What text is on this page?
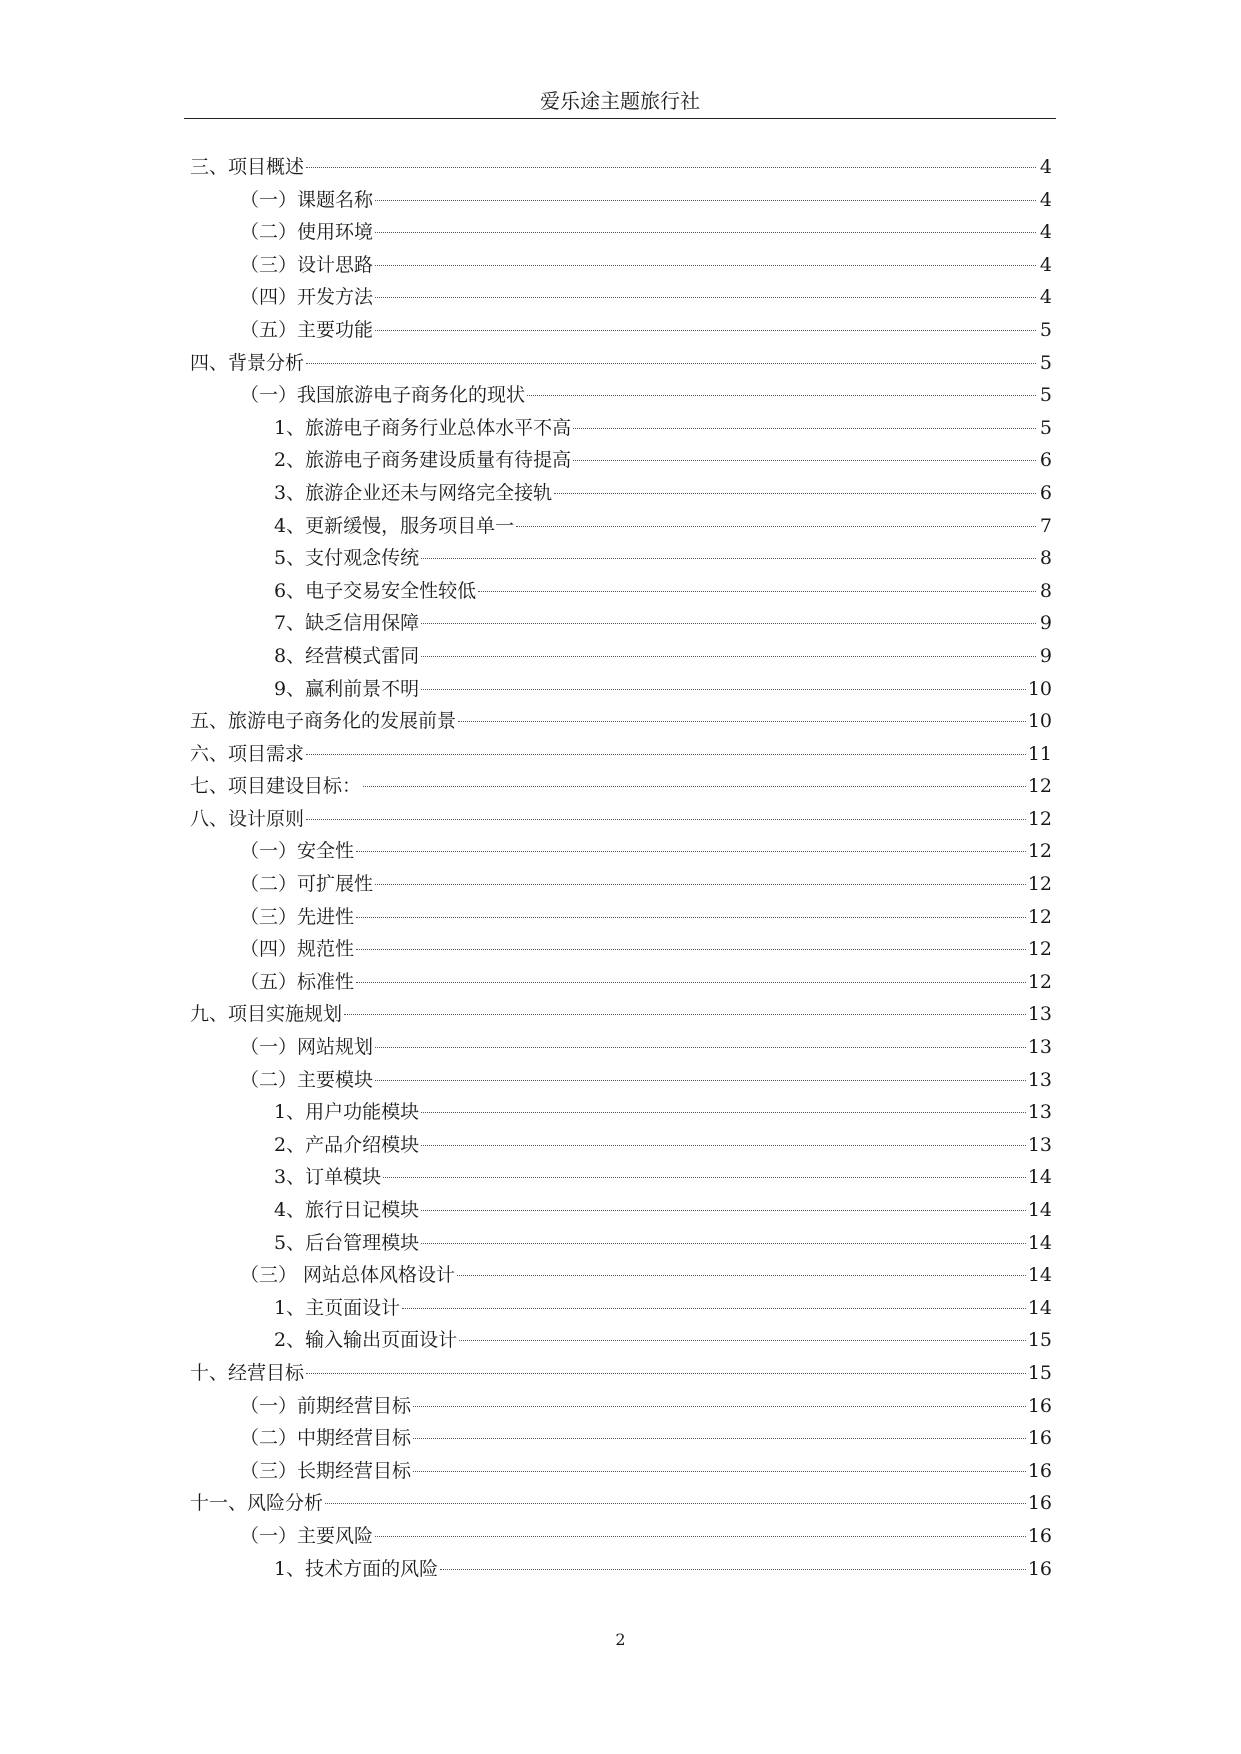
爱乐途主题旅行社
三、项目概述	4
（一）课题名称	4
（二）使用环境	4
（三）设计思路	4
（四）开发方法	4
（五）主要功能	5
四、背景分析	5
（一）我国旅游电子商务化的现状	5
1、旅游电子商务行业总体水平不高	5
2、旅游电子商务建设质量有待提高	6
3、旅游企业还未与网络完全接轨	6
4、更新缓慢，服务项目单一	7
5、支付观念传统	8
6、电子交易安全性较低	8
7、缺乏信用保障	9
8、经营模式雷同	9
9、赢利前景不明	10
五、旅游电子商务化的发展前景	10
六、项目需求	11
七、项目建设目标：	12
八、设计原则	12
（一）安全性	12
（二）可扩展性	12
（三）先进性	12
（四）规范性	12
（五）标准性	12
九、项目实施规划	13
（一）网站规划	13
（二）主要模块	13
1、用户功能模块	13
2、产品介绍模块	13
3、订单模块	14
4、旅行日记模块	14
5、后台管理模块	14
（三） 网站总体风格设计	14
1、主页面设计	14
2、输入输出页面设计	15
十、经营目标	15
（一）前期经营目标	16
（二）中期经营目标	16
（三）长期经营目标	16
十一、风险分析	16
（一）主要风险	16
1、技术方面的风险	16
2
